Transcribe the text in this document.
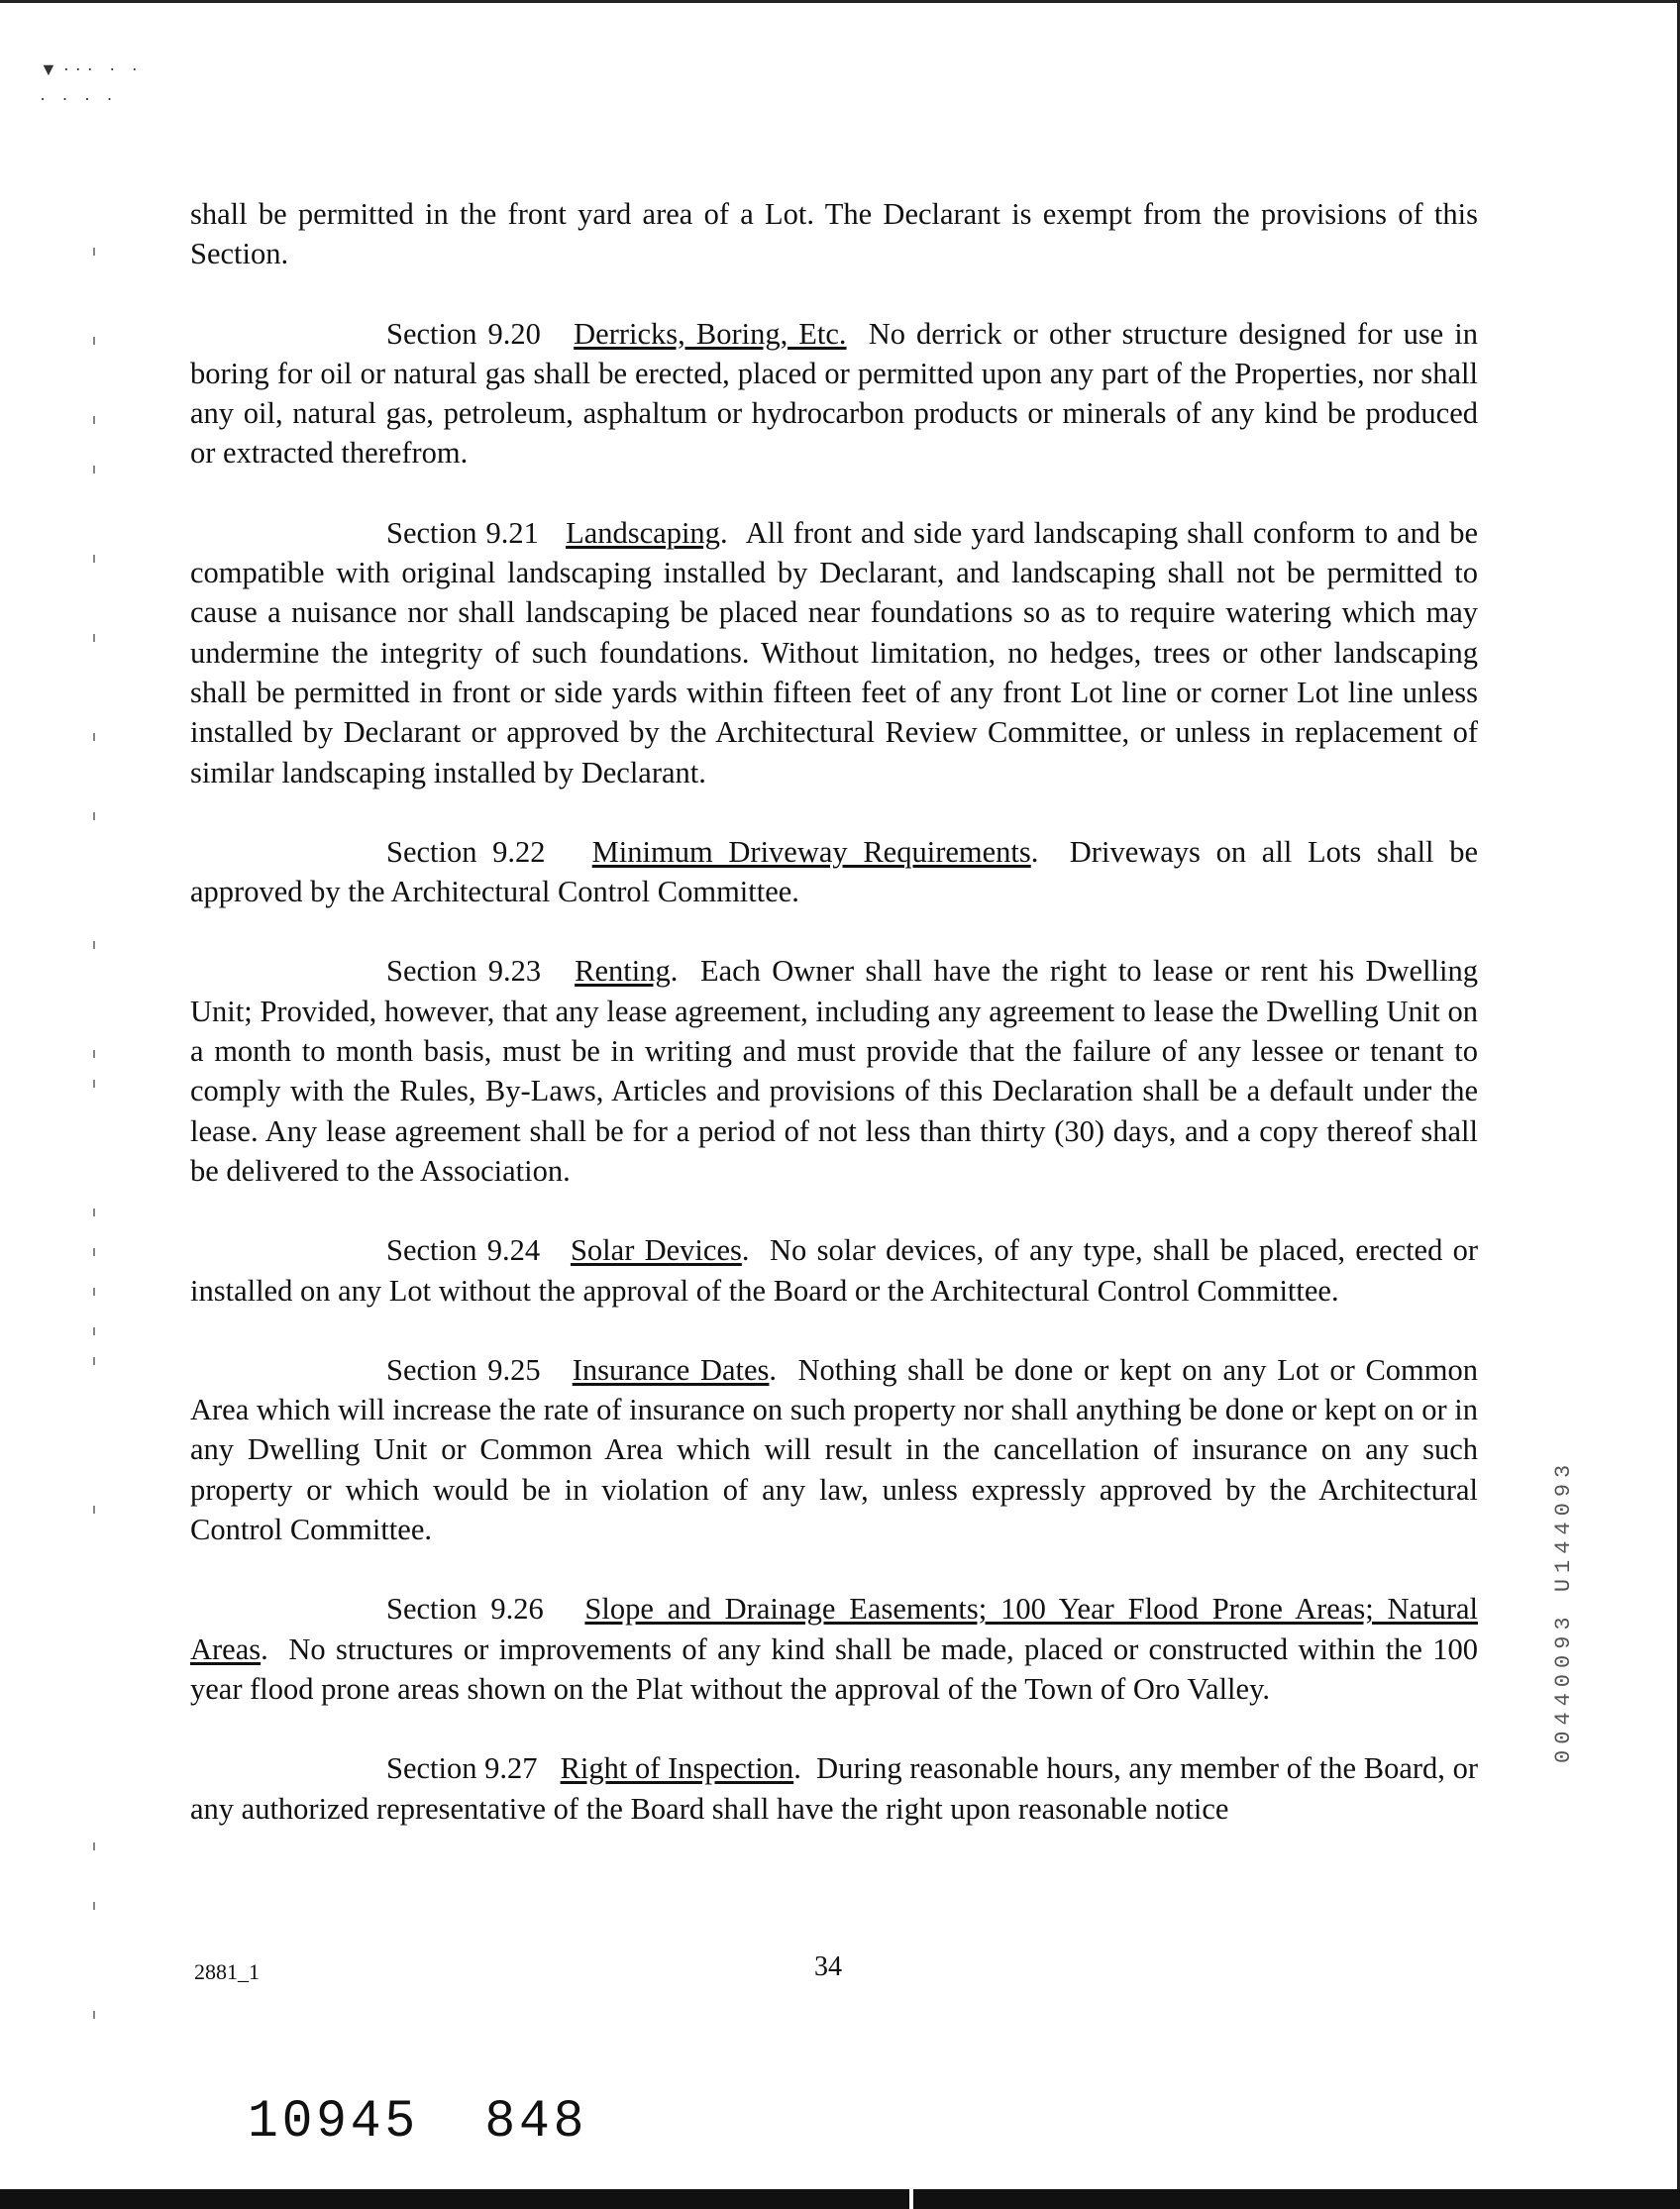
▼··· · ·
· · · ·

shall be permitted in the front yard area of a Lot. The Declarant is exempt from the provisions of this Section.

Section 9.20 Derricks, Boring, Etc. No derrick or other structure designed for use in boring for oil or natural gas shall be erected, placed or permitted upon any part of the Properties, nor shall any oil, natural gas, petroleum, asphaltum or hydrocarbon products or minerals of any kind be produced or extracted therefrom.

Section 9.21 Landscaping.  All front and side yard landscaping shall conform to and be compatible with original landscaping installed by Declarant, and landscaping shall not be permitted to cause a nuisance nor shall landscaping be placed near foundations so as to require watering which may undermine the integrity of such foundations. Without limitation, no hedges, trees or other landscaping shall be permitted in front or side yards within fifteen feet of any front Lot line or corner Lot line unless installed by Declarant or approved by the Architectural Review Committee, or unless in replacement of similar landscaping installed by Declarant.

Section 9.22 Minimum Driveway Requirements.  Driveways on all Lots shall be approved by the Architectural Control Committee.

Section 9.23 Renting.  Each Owner shall have the right to lease or rent his Dwelling Unit; Provided, however, that any lease agreement, including any agreement to lease the Dwelling Unit on a month to month basis, must be in writing and must provide that the failure of any lessee or tenant to comply with the Rules, By-Laws, Articles and provisions of this Declaration shall be a default under the lease. Any lease agreement shall be for a period of not less than thirty (30) days, and a copy thereof shall be delivered to the Association.

Section 9.24 Solar Devices.  No solar devices, of any type, shall be placed, erected or installed on any Lot without the approval of the Board or the Architectural Control Committee.

Section 9.25 Insurance Dates.  Nothing shall be done or kept on any Lot or Common Area which will increase the rate of insurance on such property nor shall anything be done or kept on or in any Dwelling Unit or Common Area which will result in the cancellation of insurance on any such property or which would be in violation of any law, unless expressly approved by the Architectural Control Committee.

Section 9.26 Slope and Drainage Easements; 100 Year Flood Prone Areas; Natural Areas.  No structures or improvements of any kind shall be made, placed or constructed within the 100 year flood prone areas shown on the Plat without the approval of the Town of Oro Valley.

Section 9.27 Right of Inspection.  During reasonable hours, any member of the Board, or any authorized representative of the Board shall have the right upon reasonable notice

2881_1	34
10945 848
00440093 U144093
